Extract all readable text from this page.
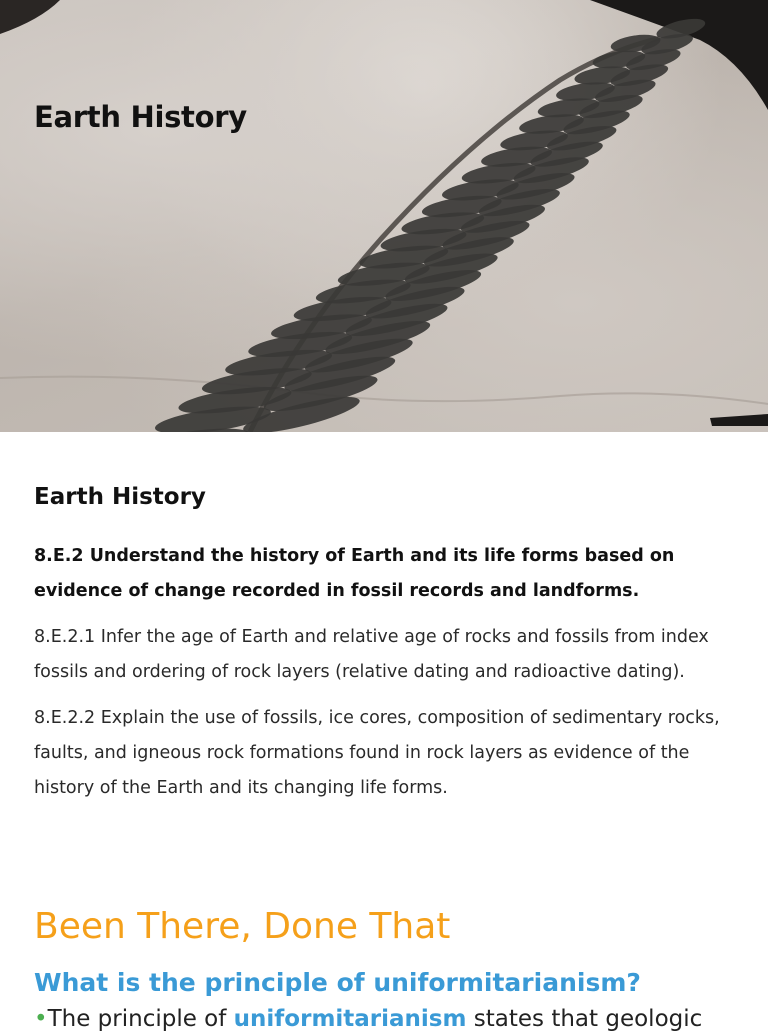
Earth History
Earth History

8.E.2 Understand the history of Earth and its life forms based on evidence of change recorded in fossil records and landforms.

8.E.2.1 Infer the age of Earth and relative age of rocks and fossils from index fossils and ordering of rock layers (relative dating and radioactive dating).

8.E.2.2 Explain the use of fossils, ice cores, composition of sedimentary rocks, faults, and igneous rock formations found in rock layers as evidence of the history of the Earth and its changing life forms.

Been There, Done That
What is the principle of uniformitarianism?

•The principle of uniformitarianism states that geologic
